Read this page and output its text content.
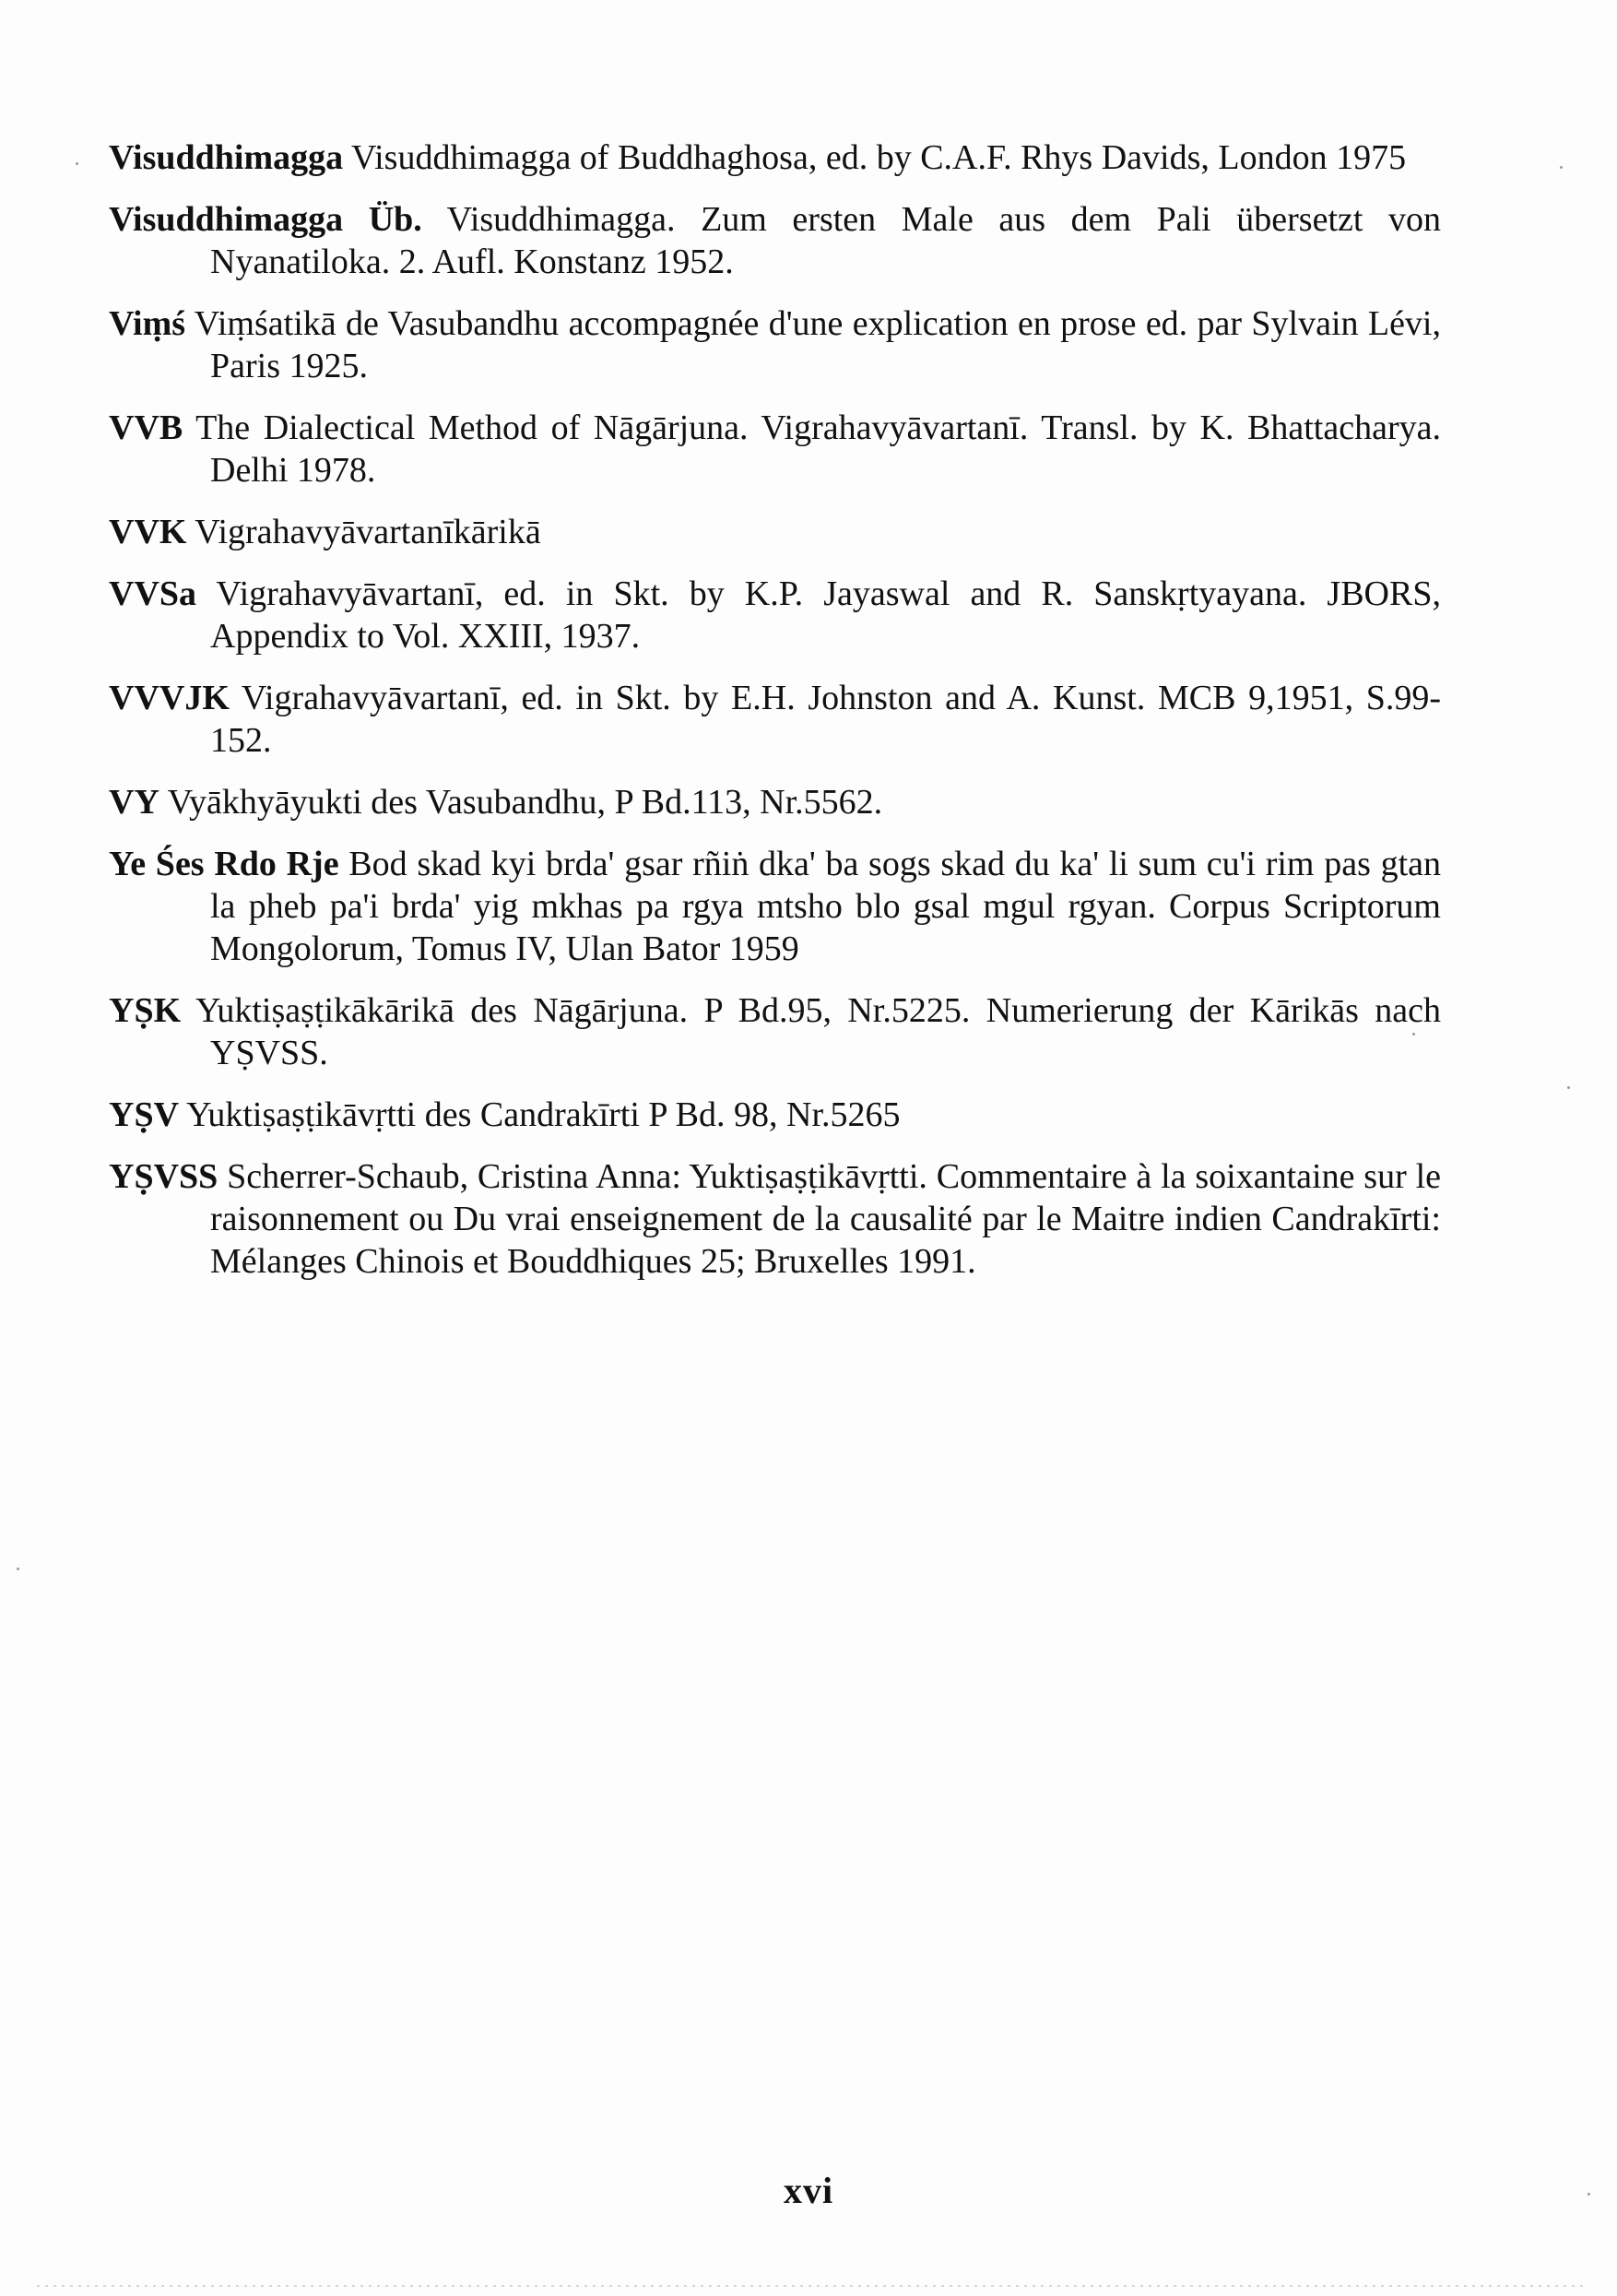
Visuddhimagga Visuddhimagga of Buddhaghosa, ed. by C.A.F. Rhys Davids, London 1975

Visuddhimagga Üb. Visuddhimagga. Zum ersten Male aus dem Pali übersetzt von Nyanatiloka. 2. Aufl. Konstanz 1952.

Viṃś Viṃśatikā de Vasubandhu accompagnée d'une explication en prose ed. par Sylvain Lévi, Paris 1925.

VVB The Dialectical Method of Nāgārjuna. Vigrahavyāvartanī. Transl. by K. Bhattacharya. Delhi 1978.

VVK Vigrahavyāvartanīkārikā

VVSa Vigrahavyāvartanī, ed. in Skt. by K.P. Jayaswal and R. Sanskṛtyayana. JBORS, Appendix to Vol. XXIII, 1937.

VVVJK Vigrahavyāvartanī, ed. in Skt. by E.H. Johnston and A. Kunst. MCB 9,1951, S.99-152.

VY Vyākhyāyukti des Vasubandhu, P Bd.113, Nr.5562.

Ye Śes Rdo Rje Bod skad kyi brda' gsar rñiṅ dka' ba sogs skad du ka' li sum cu'i rim pas gtan la pheb pa'i brda' yig mkhas pa rgya mtsho blo gsal mgul rgyan. Corpus Scriptorum Mongolorum, Tomus IV, Ulan Bator 1959

YṢK Yuktiṣaṣṭikākārikā des Nāgārjuna. P Bd.95, Nr.5225. Numerierung der Kārikās nach YṢVSS.

YṢV Yuktiṣaṣṭikāvṛtti des Candrakīrti P Bd. 98, Nr.5265

YṢVSS Scherrer-Schaub, Cristina Anna: Yuktiṣaṣṭikāvṛtti. Commentaire à la soixantaine sur le raisonnement ou Du vrai enseignement de la causalité par le Maitre indien Candrakīrti: Mélanges Chinois et Bouddhiques 25; Bruxelles 1991.

xvi
